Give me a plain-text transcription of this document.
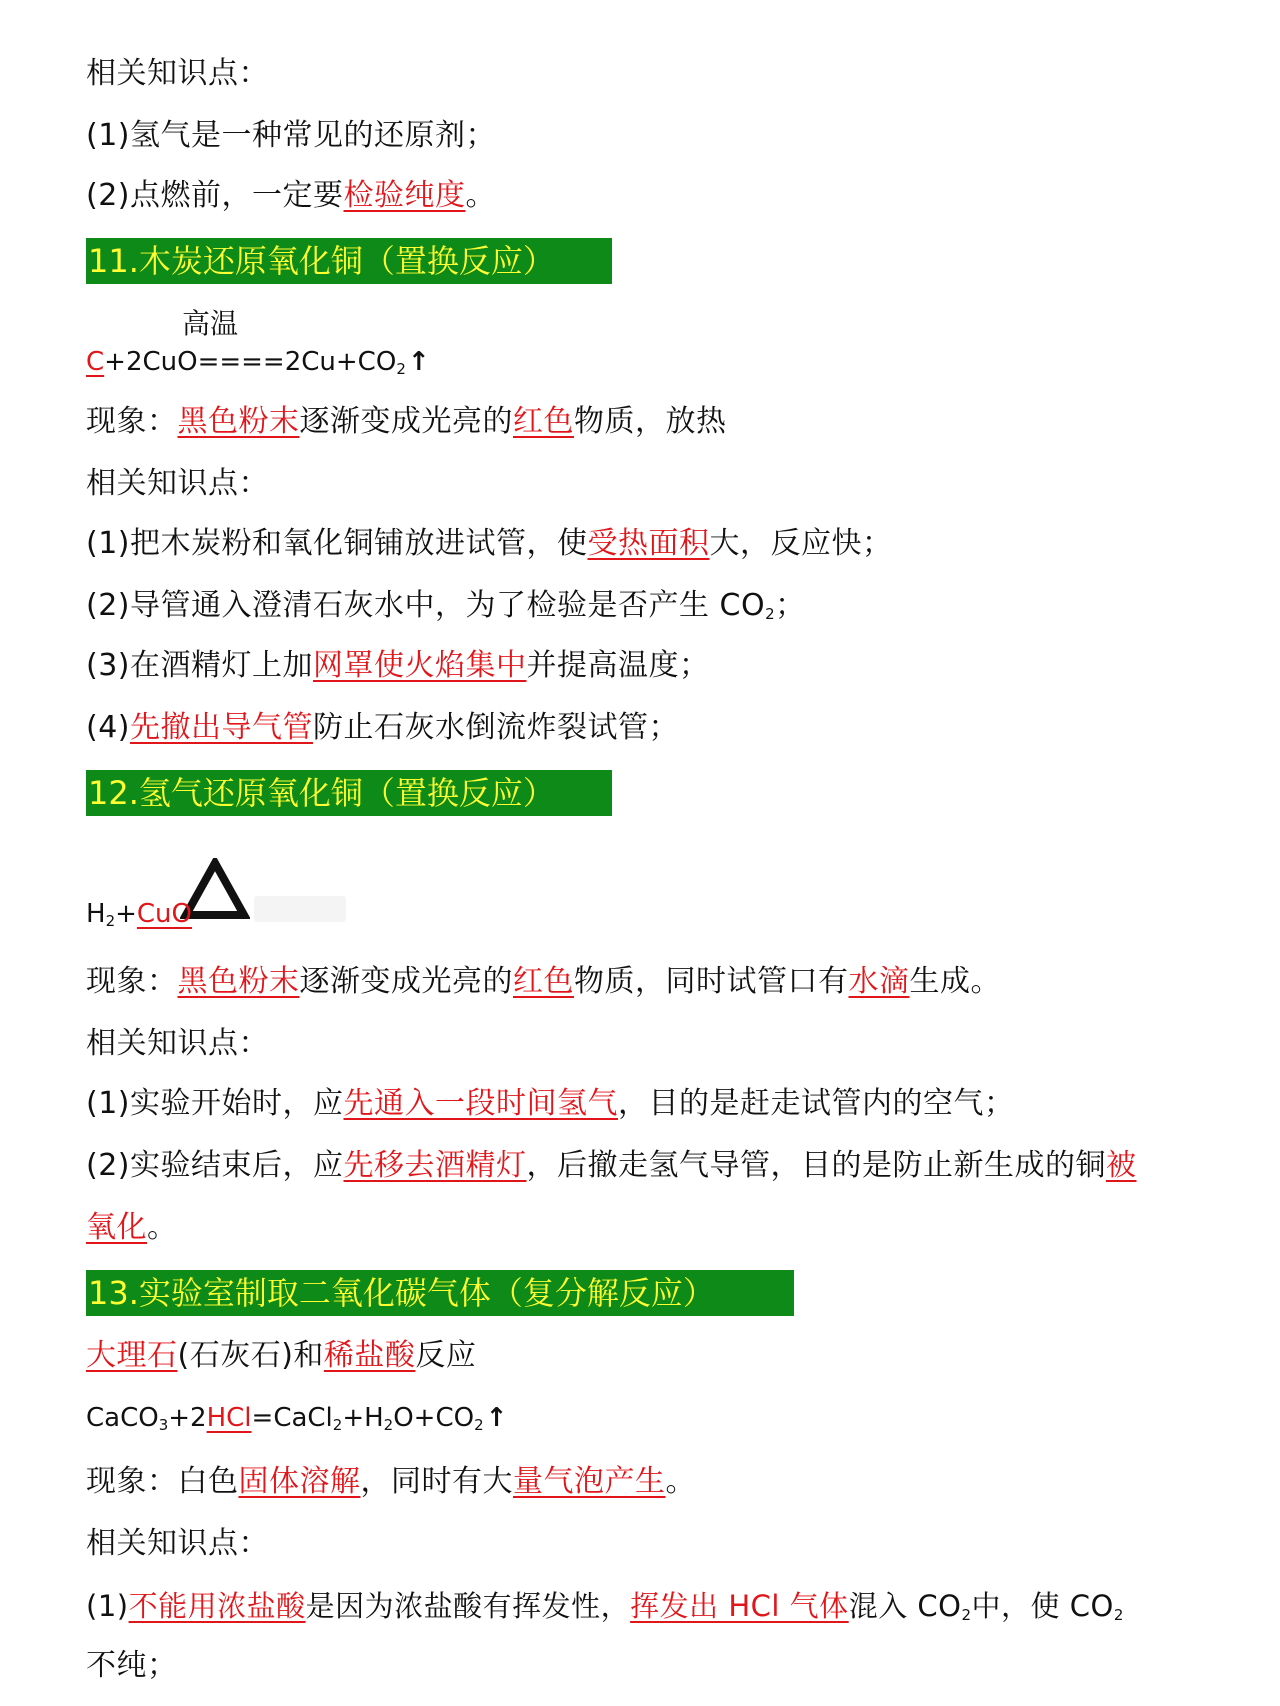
相关知识点：
(1)氢气是一种常见的还原剂；
(2)点燃前，一定要检验纯度。
11.木炭还原氧化铜（置换反应）
高温
$C+2CuO====2Cu+CO_2↑$
现象：黑色粉末逐渐变成光亮的红色物质，放热
相关知识点：
(1)把木炭粉和氧化铜铺放进试管，使受热面积大，反应快；
(2)导管通入澄清石灰水中，为了检验是否产生 $CO_2$；
(3)在酒精灯上加网罩使火焰集中并提高温度；
(4)先撤出导气管防止石灰水倒流炸裂试管；
12.氢气还原氧化铜（置换反应）
$H_2+CuO$
现象：黑色粉末逐渐变成光亮的红色物质，同时试管口有水滴生成。
相关知识点：
(1)实验开始时，应先通入一段时间氢气，目的是赶走试管内的空气；
(2)实验结束后，应先移去酒精灯，后撤走氢气导管，目的是防止新生成的铜被
氧化。
13.实验室制取二氧化碳气体（复分解反应）
大理石(石灰石)和稀盐酸反应
$CaCO_3+2HCl=CaCl_2+H_2O+CO_2↑$
现象：白色固体溶解，同时有大量气泡产生。
相关知识点：
(1)不能用浓盐酸是因为浓盐酸有挥发性，挥发出 HCl 气体混入 $CO_2$中，使 $CO_2$
不纯；
